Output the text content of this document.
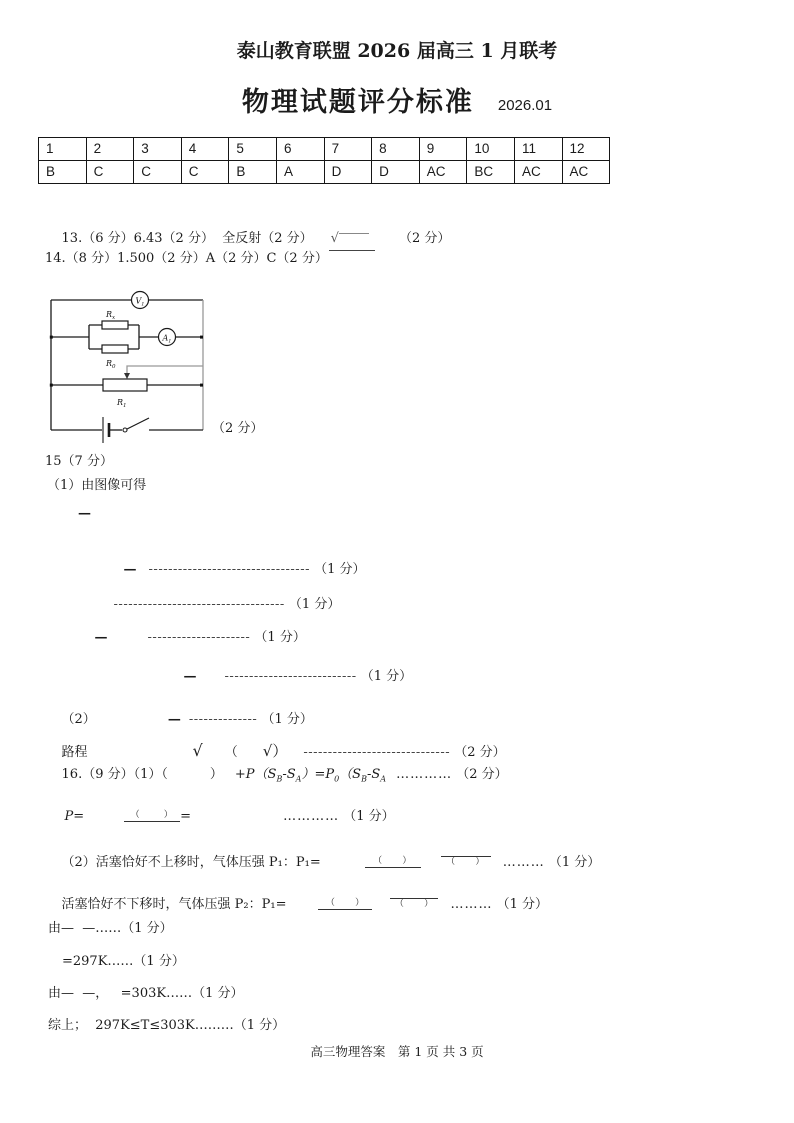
泰山教育联盟 2026 届高三 1 月联考
物理试题评分标准 2026.01
1	2	3	4	5	6	7	8	9	10	11	12
B	C	C	C	B	A	D	D	AC	BC	AC	AC

13.（6 分）6.43（2 分）  全反射（2 分） √	（2 分）

14.（8 分）1.500（2 分）A（2 分）C（2 分）
$R_x$
$R_0$
$V_1$
$A_1$
$R_1$
（2 分）
15（7 分）
（1）由图像可得
—

— --------------------------------- （1 分）

----------------------------------- （1 分）

—	--------------------- （1 分）

— --------------------------- （1 分）

（2）	— -------------- （1 分）

路程	√ （ √） ------------------------------ （2 分）

16.（9 分）（1）（	） $+P(S_B-S_A)=P_0(S_B-S_A$ ………… （2 分）

P=	（      ） =	………… （1 分）

（2）活塞恰好不上移时，气体压强 P₁：P₁=	（     ）	（     ） ……… （1 分）

活塞恰好不下移时，气体压强 P₂：P₁=	（     ）	（     ） ……… （1 分）

由—  —……（1 分）
=297K……（1 分）
由—  —，   =303K……（1 分）
综上；  297K≤T≤303K………（1 分）
高三物理答案　第 1 页 共 3 页
